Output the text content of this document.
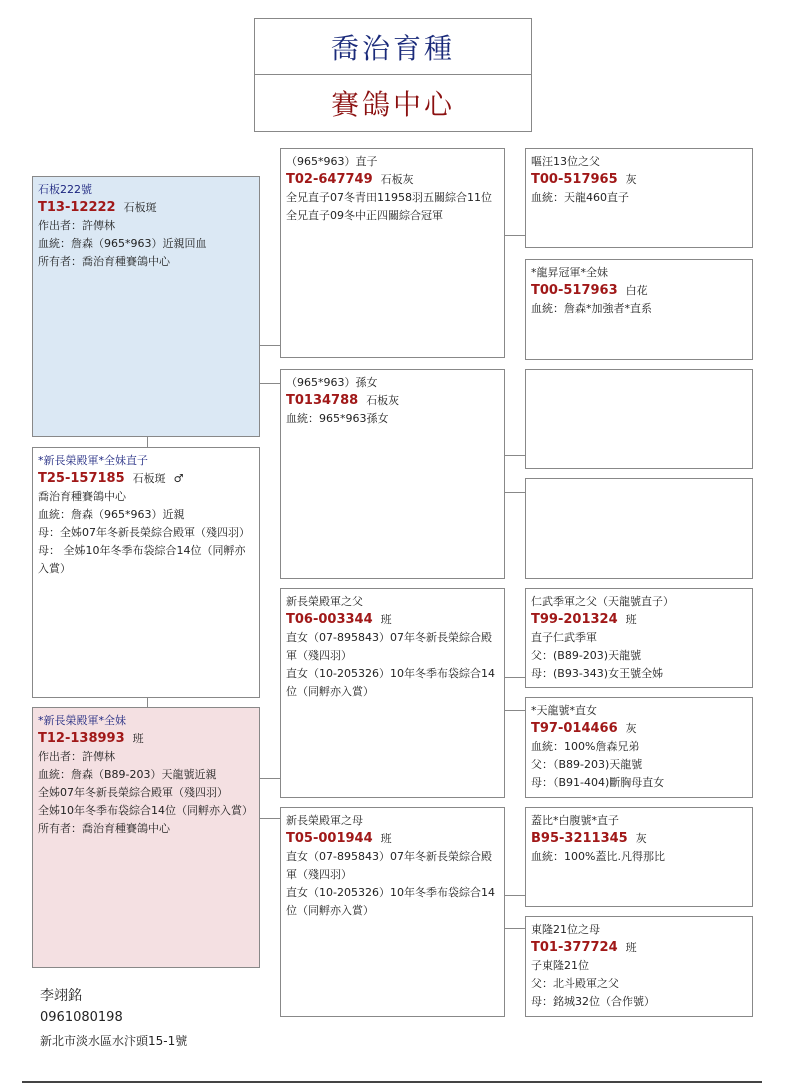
喬治育種
賽鴿中心
石板222號
T13-12222 石板斑
作出者：許傳林
血統：詹森（965*963）近親回血
所有者：喬治育種賽鴿中心
*新長榮殿軍*全妹直子
T25-157185 石板斑 ♂
喬治育種賽鴿中心
血統：詹森（965*963）近親
母：全姊07年冬新長榮綜合殿軍（殘四羽）
母： 全姊10年冬季布袋綜合14位（同孵亦入賞）
*新長榮殿軍*全妹
T12-138993 班
作出者：許傳林
血統：詹森（B89-203）天龍號近親
全姊07年冬新長榮綜合殿軍（殘四羽）
全姊10年冬季布袋綜合14位（同孵亦入賞）
所有者：喬治育種賽鴿中心
（965*963）直子
T02-647749 石板灰
全兄直子07冬青田11958羽五關綜合11位
全兄直子09冬中正四關綜合冠軍
（965*963）孫女
T0134788 石板灰
血統：965*963孫女
新長榮殿軍之父
T06-003344 班
直女（07-895843）07年冬新長榮綜合殿軍（殘四羽）
直女（10-205326）10年冬季布袋綜合14位（同孵亦入賞）
新長榮殿軍之母
T05-001944 班
直女（07-895843）07年冬新長榮綜合殿軍（殘四羽）
直女（10-205326）10年冬季布袋綜合14位（同孵亦入賞）
嘔汪13位之父
T00-517965 灰
血統：天龍460直子
*龍昇冠軍*全妹
T00-517963 白花
血統：詹森*加強者*直系
仁武季軍之父（天龍號直子）
T99-201324 班
直子仁武季軍
父：(B89-203)天龍號
母：(B93-343)女王號全姊
*天龍號*直女
T97-014466 灰
血統：100%詹森兄弟
父：（B89-203)天龍號
母：（B91-404)斷胸母直女
蓋比*白腹號*直子
B95-3211345 灰
血統：100%蓋比.凡得那比
東隆21位之母
T01-377724 班
子東隆21位
父：北斗殿軍之父
母：銘城32位（合作號）
李翊銘
0961080198
新北市淡水區水汴頭15-1號
